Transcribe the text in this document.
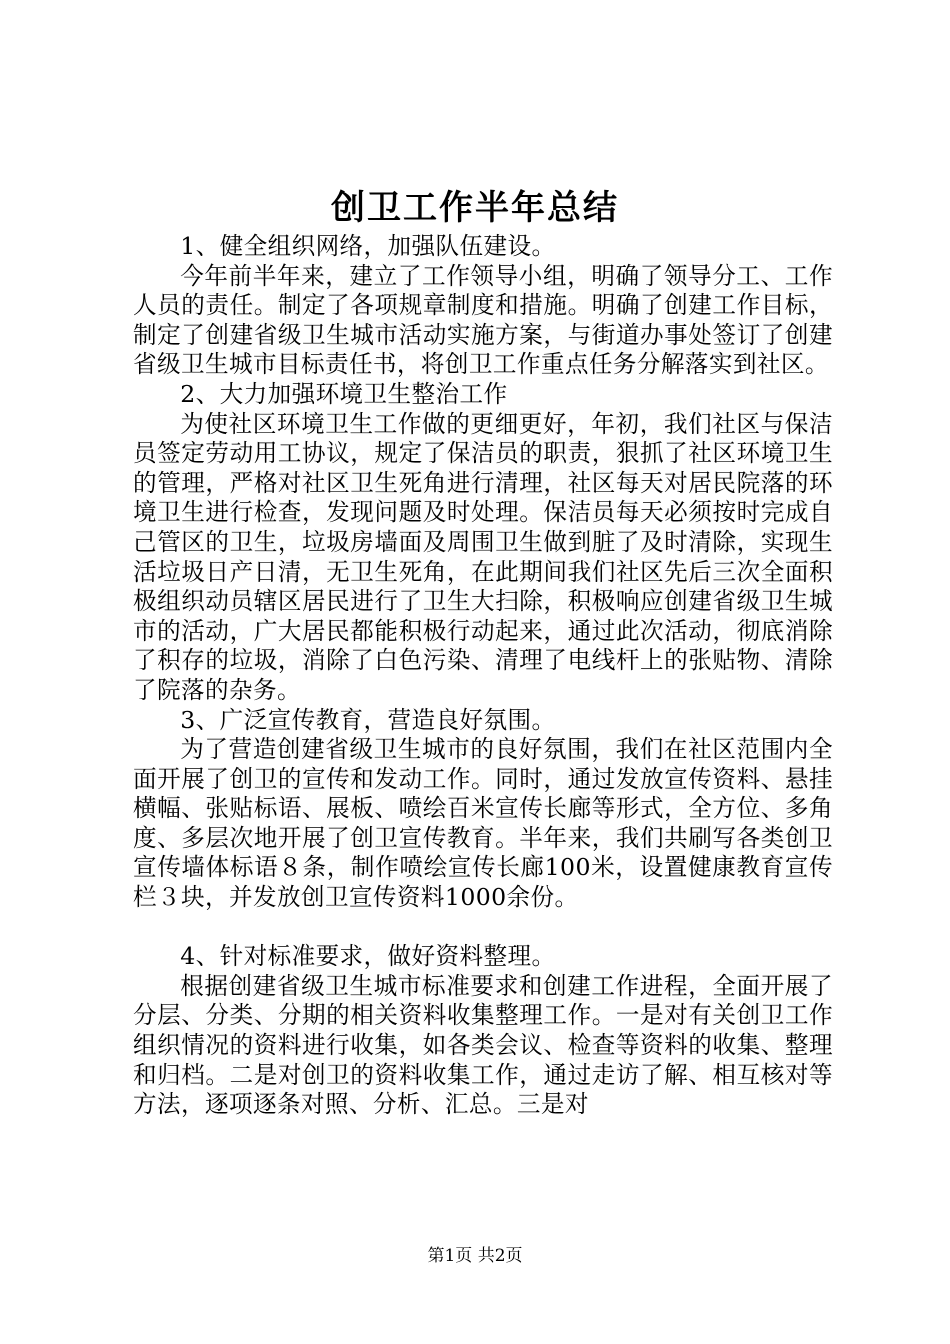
创卫工作半年总结

1、健全组织网络，加强队伍建设。

今年前半年来，建立了工作领导小组，明确了领导分工、工作人员的责任。制定了各项规章制度和措施。明确了创建工作目标，制定了创建省级卫生城市活动实施方案，与街道办事处签订了创建省级卫生城市目标责任书，将创卫工作重点任务分解落实到社区。

2、大力加强环境卫生整治工作

为使社区环境卫生工作做的更细更好，年初，我们社区与保洁员签定劳动用工协议，规定了保洁员的职责，狠抓了社区环境卫生的管理，严格对社区卫生死角进行清理，社区每天对居民院落的环境卫生进行检查，发现问题及时处理。保洁员每天必须按时完成自己管区的卫生，垃圾房墙面及周围卫生做到脏了及时清除，实现生活垃圾日产日清，无卫生死角，在此期间我们社区先后三次全面积极组织动员辖区居民进行了卫生大扫除，积极响应创建省级卫生城市的活动，广大居民都能积极行动起来，通过此次活动，彻底消除了积存的垃圾，消除了白色污染、清理了电线杆上的张贴物、清除了院落的杂务。

3、广泛宣传教育，营造良好氛围。

为了营造创建省级卫生城市的良好氛围，我们在社区范围内全面开展了创卫的宣传和发动工作。同时，通过发放宣传资料、悬挂横幅、张贴标语、展板、喷绘百米宣传长廊等形式，全方位、多角度、多层次地开展了创卫宣传教育。半年来，我们共刷写各类创卫宣传墙体标语８条，制作喷绘宣传长廊100米，设置健康教育宣传栏３块，并发放创卫宣传资料1000余份。

4、针对标准要求，做好资料整理。

根据创建省级卫生城市标准要求和创建工作进程，全面开展了分层、分类、分期的相关资料收集整理工作。一是对有关创卫工作组织情况的资料进行收集，如各类会议、检查等资料的收集、整理和归档。二是对创卫的资料收集工作，通过走访了解、相互核对等方法，逐项逐条对照、分析、汇总。三是对

第1页 共2页
